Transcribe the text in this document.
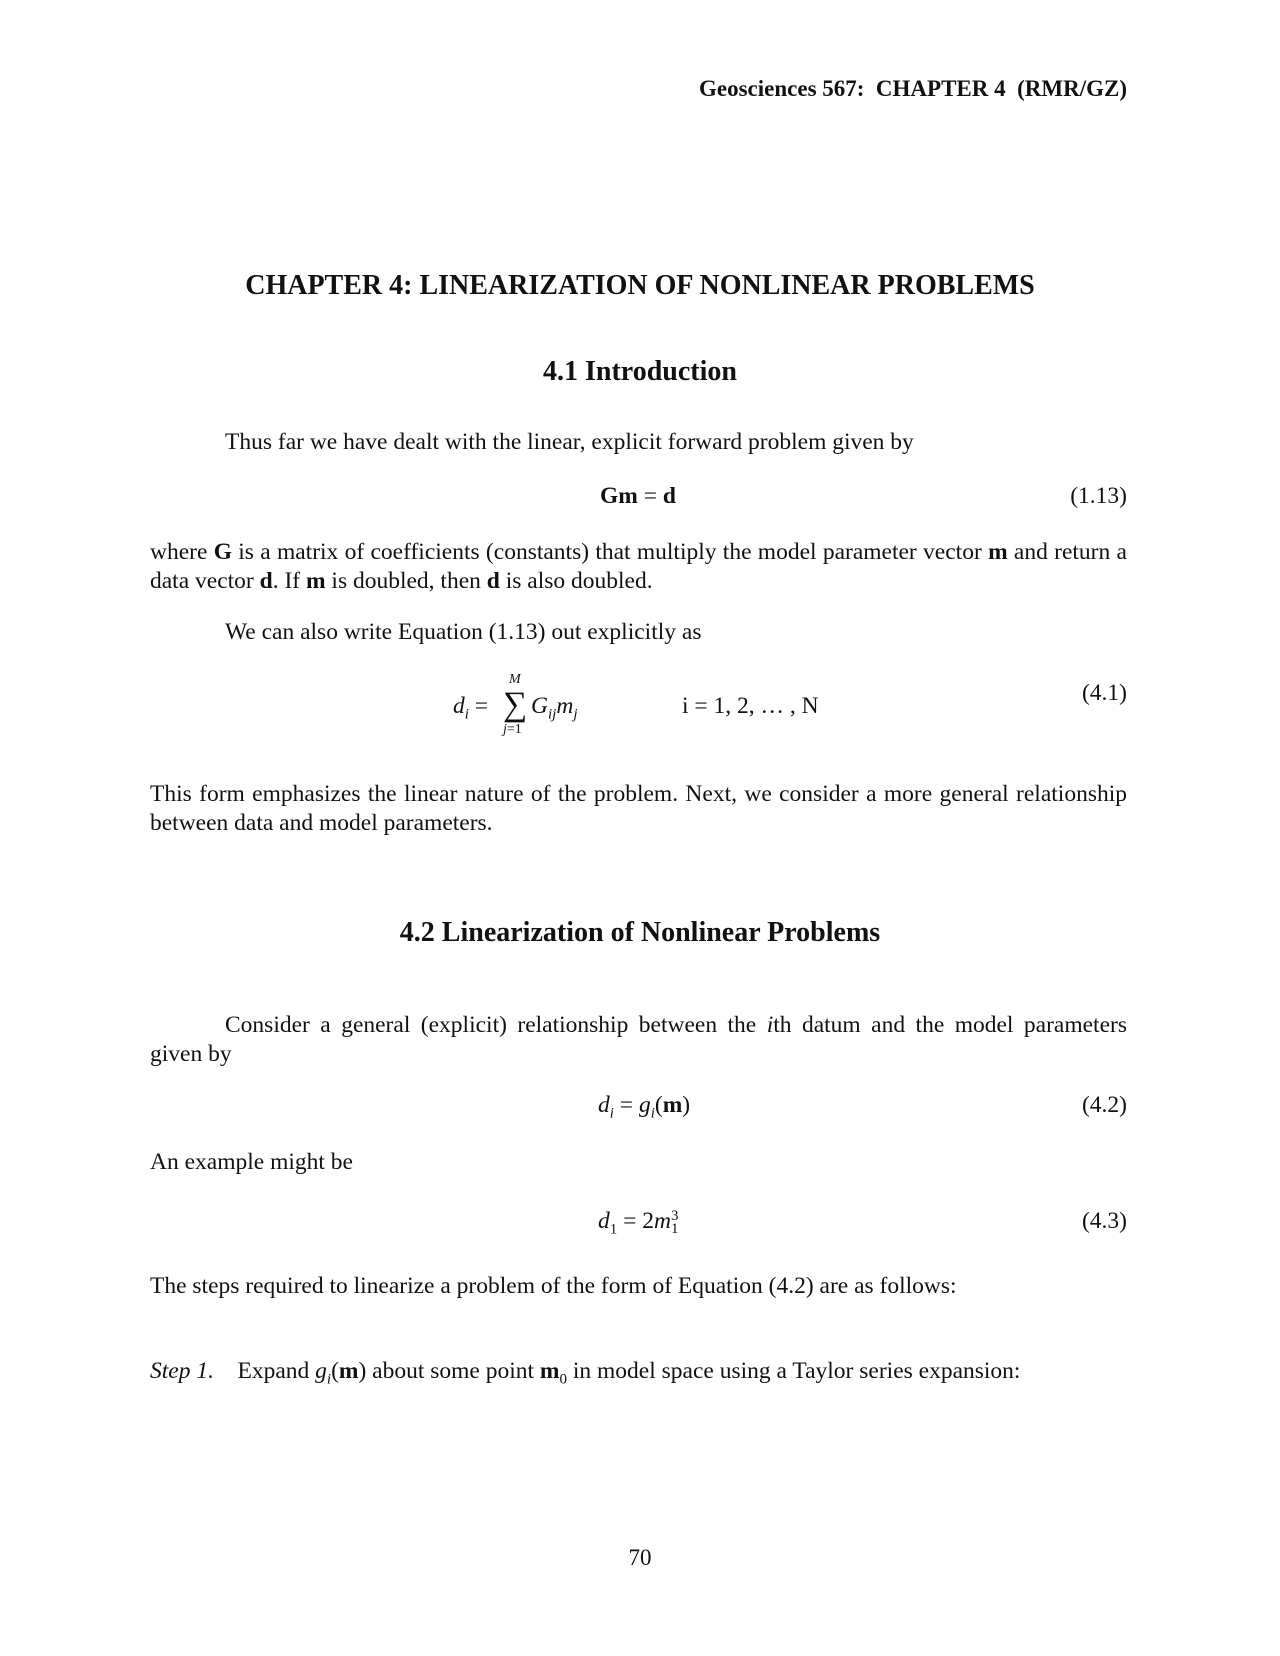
Geosciences 567:  CHAPTER 4  (RMR/GZ)
CHAPTER 4: LINEARIZATION OF NONLINEAR PROBLEMS
4.1 Introduction
Thus far we have dealt with the linear, explicit forward problem given by
Gm = d	(1.13)
where G is a matrix of coefficients (constants) that multiply the model parameter vector m and return a data vector d. If m is doubled, then d is also doubled.
We can also write Equation (1.13) out explicitly as
$d_i$ =
M
∑
j=1
$G_{ij}m_j$	i = 1, 2, … , N	(4.1)
This form emphasizes the linear nature of the problem. Next, we consider a more general relationship between data and model parameters.
4.2 Linearization of Nonlinear Problems
Consider a general (explicit) relationship between the ith datum and the model parameters given by
$d_i = g_i(m)$	(4.2)
An example might be
$d_1 = 2m3$
1	(4.3)
The steps required to linearize a problem of the form of Equation (4.2) are as follows:
Step 1. Expand $g_i(m)$ about some point $m_0$ in model space using a Taylor series expansion:
70
